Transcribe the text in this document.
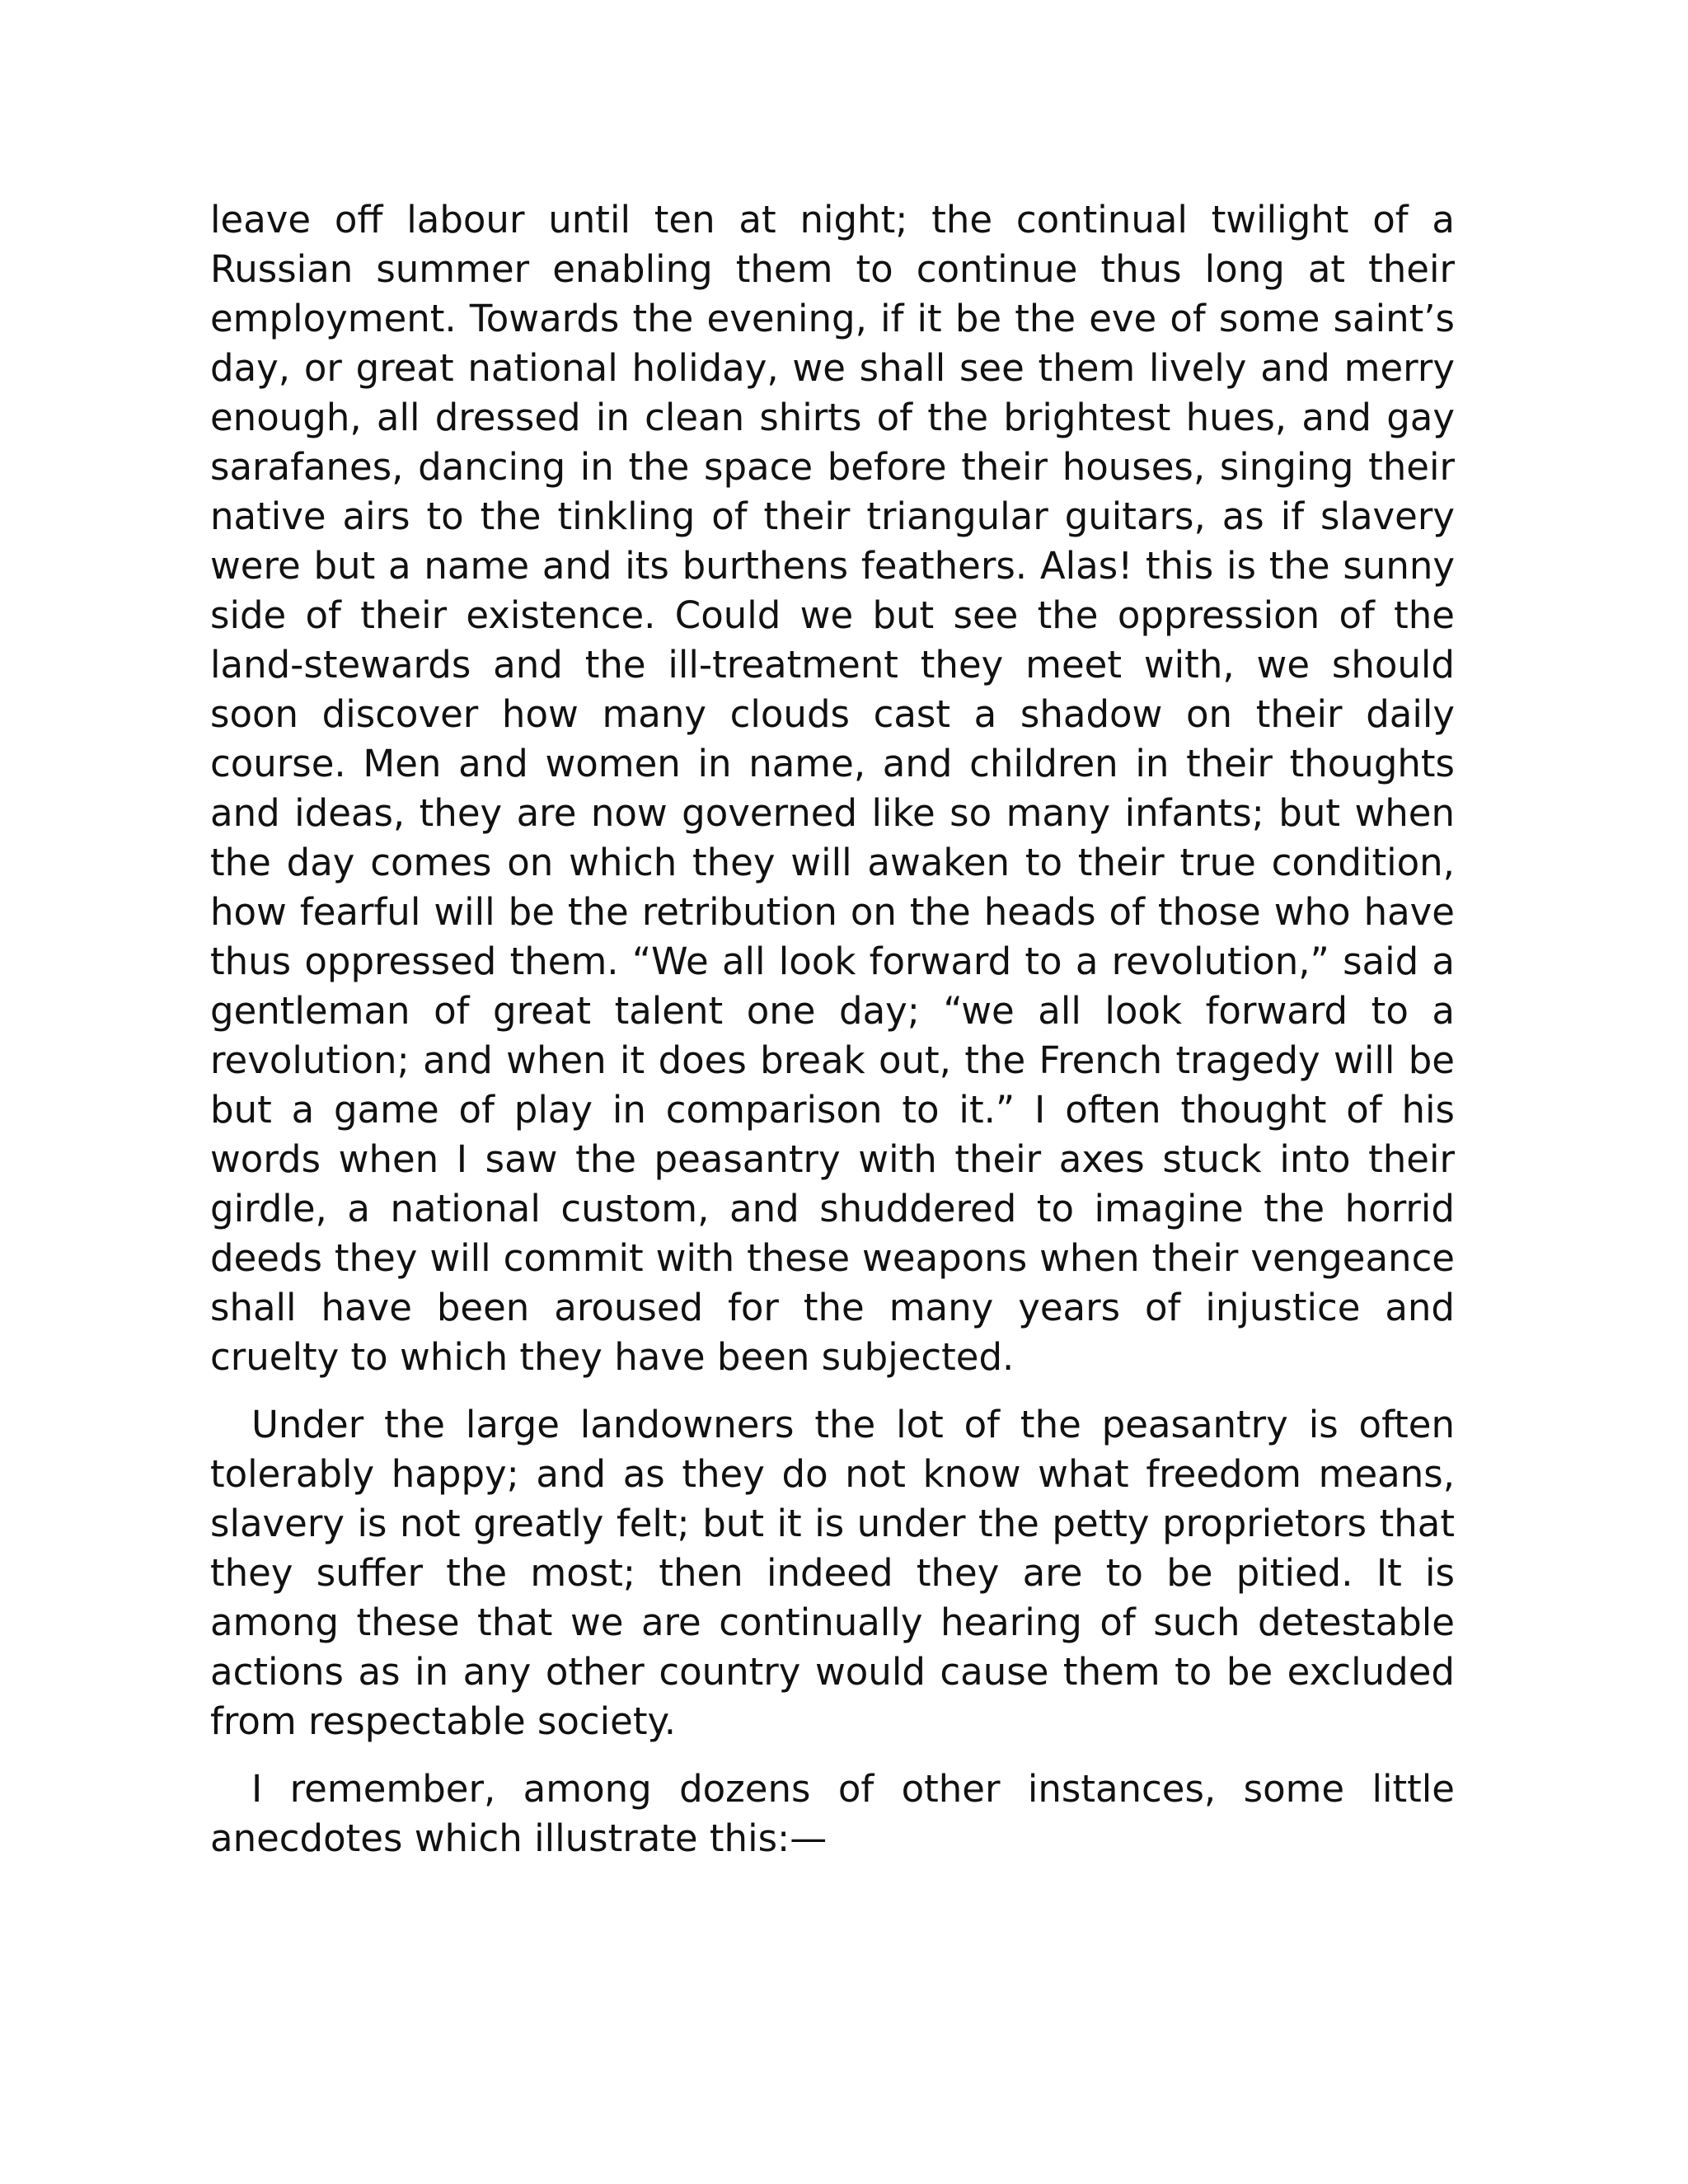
leave off labour until ten at night; the continual twilight of a Russian summer enabling them to continue thus long at their employment. Towards the evening, if it be the eve of some saint’s day, or great national holiday, we shall see them lively and merry enough, all dressed in clean shirts of the brightest hues, and gay sarafanes, dancing in the space before their houses, singing their native airs to the tinkling of their triangular guitars, as if slavery were but a name and its burthens feathers. Alas! this is the sunny side of their existence. Could we but see the oppression of the land-stewards and the ill-treatment they meet with, we should soon discover how many clouds cast a shadow on their daily course. Men and women in name, and children in their thoughts and ideas, they are now governed like so many infants; but when the day comes on which they will awaken to their true condition, how fearful will be the retribution on the heads of those who have thus oppressed them. “We all look forward to a revolution,” said a gentleman of great talent one day; “we all look forward to a revolution; and when it does break out, the French tragedy will be but a game of play in comparison to it.” I often thought of his words when I saw the peasantry with their axes stuck into their girdle, a national custom, and shuddered to imagine the horrid deeds they will commit with these weapons when their vengeance shall have been aroused for the many years of injustice and cruelty to which they have been subjected.

Under the large landowners the lot of the peasantry is often tolerably happy; and as they do not know what freedom means, slavery is not greatly felt; but it is under the petty proprietors that they suffer the most; then indeed they are to be pitied. It is among these that we are continually hearing of such detestable actions as in any other country would cause them to be excluded from respectable society.

I remember, among dozens of other instances, some little anecdotes which illustrate this:—
